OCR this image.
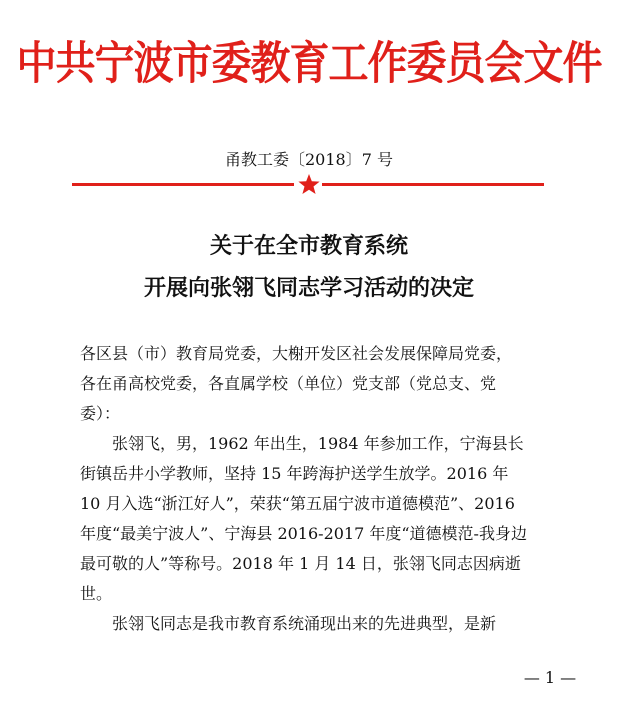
中共宁波市委教育工作委员会文件
甬教工委〔2018〕7 号
关于在全市教育系统
开展向张翎飞同志学习活动的决定
各区县（市）教育局党委，大榭开发区社会发展保障局党委，
各在甬高校党委，各直属学校（单位）党支部（党总支、党
委）：
张翎飞，男，1962 年出生，1984 年参加工作，宁海县长
街镇岳井小学教师，坚持 15 年跨海护送学生放学。2016 年
10 月入选“浙江好人”，荣获“第五届宁波市道德模范”、2016
年度“最美宁波人”、宁海县 2016-2017 年度“道德模范-我身边
最可敬的人”等称号。2018 年 1 月 14 日，张翎飞同志因病逝
世。
张翎飞同志是我市教育系统涌现出来的先进典型，是新
— 1 —
